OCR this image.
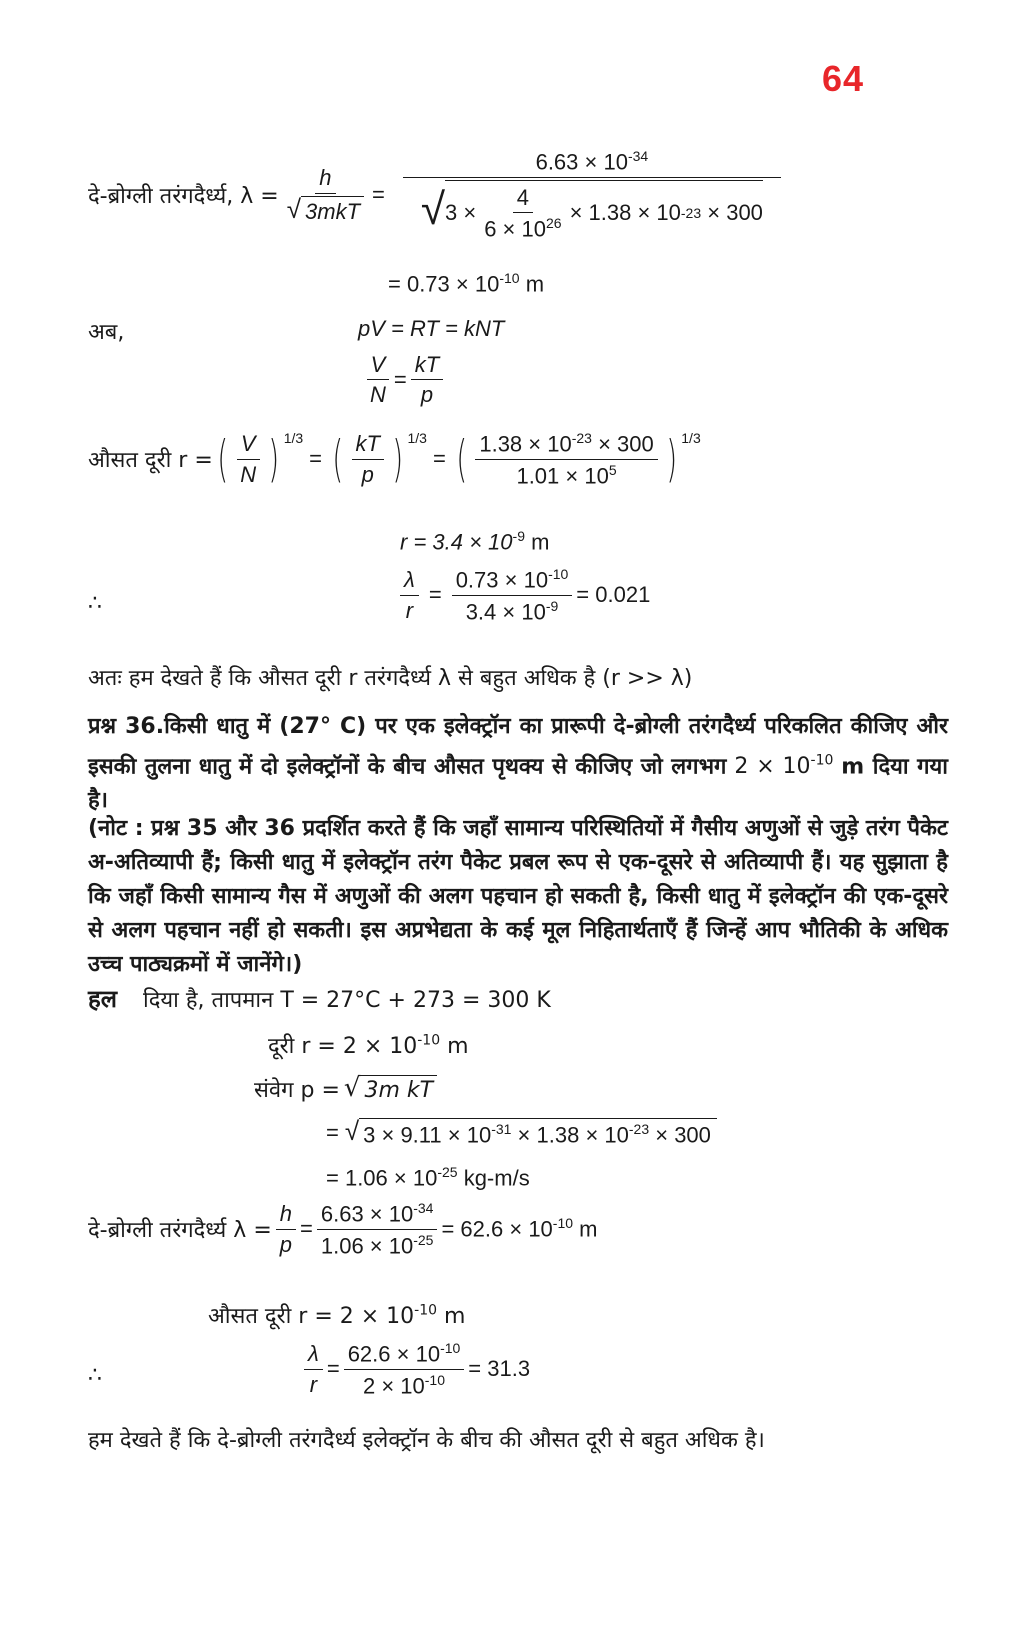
64
दे-ब्रोग्ली तरंगदैर्ध्य, $\lambda = \frac{h}{\text{√ 3mkT}}$ =
$6.63 \times 10^{-34}$
√ $3 \times \frac{4}{6 \times 10^{26}} \times 1.38 \times 10$ -23
× 300
= $0.73 \times 10^{-10}$ m
अब,	pV = RT = kNT
$\frac{V}{N} = \frac{kT}{p}$
औसत दूरी r = ( $\frac{V}{N}$ ) $^{1/3}$
= ( $\frac{kT}{p}$ ) $^{1/3}$
= ( $\frac{1.38 \times 10^{-23} \times 300}{1.01 \times 10^5}$ ) $^{1/3}$
$r = 3.4 \times 10^{-9}$ m
∴	$\frac{\lambda}{r} = \frac{0.73 \times 10^{-10}}{3.4 \times 10^{-9}} = 0.021$
अतः हम देखते हैं कि औसत दूरी r तरंगदैर्ध्य λ से बहुत अधिक है (r >> λ)
प्रश्न 36.किसी धातु में (27° C) पर एक इलेक्ट्रॉन का प्रारूपी दे-ब्रोग्ली तरंगदैर्ध्य परिकलित कीजिए और इसकी तुलना धातु में दो इलेक्ट्रॉनों के बीच औसत पृथक्य से कीजिए जो लगभग $2 \times 10^{-10}$ m दिया गया है।
(नोट : प्रश्न 35 और 36 प्रदर्शित करते हैं कि जहाँ सामान्य परिस्थितियों में गैसीय अणुओं से जुड़े तरंग पैकेट अ-अतिव्यापी हैं; किसी धातु में इलेक्ट्रॉन तरंग पैकेट प्रबल रूप से एक-दूसरे से अतिव्यापी हैं। यह सुझाता है कि जहाँ किसी सामान्य गैस में अणुओं की अलग पहचान हो सकती है, किसी धातु में इलेक्ट्रॉन की एक-दूसरे से अलग पहचान नहीं हो सकती। इस अप्रभेद्यता के कई मूल निहितार्थताएँ हैं जिन्हें आप भौतिकी के अधिक उच्च पाठ्यक्रमों में जानेंगे।)
हल दिया है, तापमान T = 27°C + 273 = 300 K
दूरी $r = 2 \times 10^{-10}$ m
संवेग p = √ 3m kT
= √ $3 \times 9.11 \times 10^{-31} \times 1.38 \times 10^{-23} \times 300$
= $1.06 \times 10^{-25}$ kg-m/s
दे-ब्रोग्ली तरंगदैर्ध्य $\lambda = \frac{h}{p} = \frac{6.63 \times 10^{-34}}{1.06 \times 10^{-25}} = 62.6 \times 10^{-10}$ m
औसत दूरी $r = 2 \times 10^{-10}$ m
∴	$\frac{\lambda}{r} = \frac{62.6 \times 10^{-10}}{2 \times 10^{-10}} = 31.3$
हम देखते हैं कि दे-ब्रोग्ली तरंगदैर्ध्य इलेक्ट्रॉन के बीच की औसत दूरी से बहुत अधिक है।
